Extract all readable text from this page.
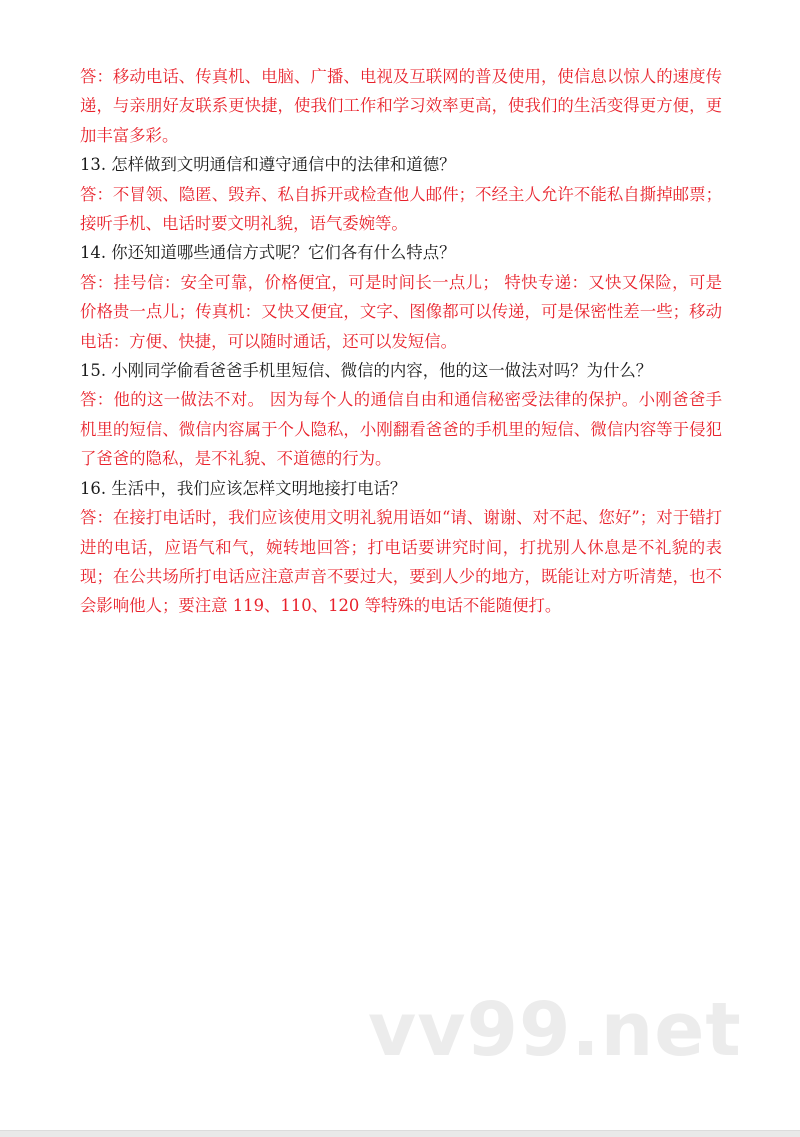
答：移动电话、传真机、电脑、广播、电视及互联网的普及使用，使信息以惊人的速度传递，与亲朋好友联系更快捷，使我们工作和学习效率更高，使我们的生活变得更方便，更加丰富多彩。

13. 怎样做到文明通信和遵守通信中的法律和道德？

答：不冒领、隐匿、毁弃、私自拆开或检查他人邮件；不经主人允许不能私自撕掉邮票；接听手机、电话时要文明礼貌，语气委婉等。

14. 你还知道哪些通信方式呢？它们各有什么特点？

答：挂号信：安全可靠，价格便宜，可是时间长一点儿； 特快专递：又快又保险，可是价格贵一点儿；传真机：又快又便宜，文字、图像都可以传递，可是保密性差一些；移动电话：方便、快捷，可以随时通话，还可以发短信。

15. 小刚同学偷看爸爸手机里短信、微信的内容，他的这一做法对吗？为什么？

答：他的这一做法不对。 因为每个人的通信自由和通信秘密受法律的保护。小刚爸爸手机里的短信、微信内容属于个人隐私，小刚翻看爸爸的手机里的短信、微信内容等于侵犯了爸爸的隐私，是不礼貌、不道德的行为。

16. 生活中，我们应该怎样文明地接打电话？

答：在接打电话时，我们应该使用文明礼貌用语如“请、谢谢、对不起、您好”；对于错打进的电话，应语气和气，婉转地回答；打电话要讲究时间，打扰别人休息是不礼貌的表现；在公共场所打电话应注意声音不要过大，要到人少的地方，既能让对方听清楚，也不会影响他人；要注意 119、110、120 等特殊的电话不能随便打。

vv99.net
